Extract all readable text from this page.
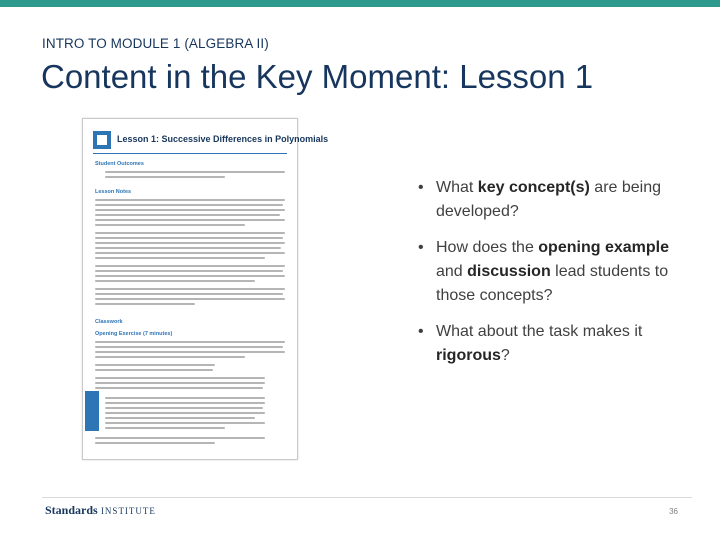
INTRO TO MODULE 1 (ALGEBRA II)
Content in the Key Moment: Lesson 1
Lesson 1: Successive Differences in Polynomials
Student Outcomes
Lesson Notes
Classwork
Opening Exercise (7 minutes)
• What key concept(s) are being developed?
• How does the opening example and discussion lead students to those concepts?
• What about the task makes it rigorous?
Standards INSTITUTE	36
